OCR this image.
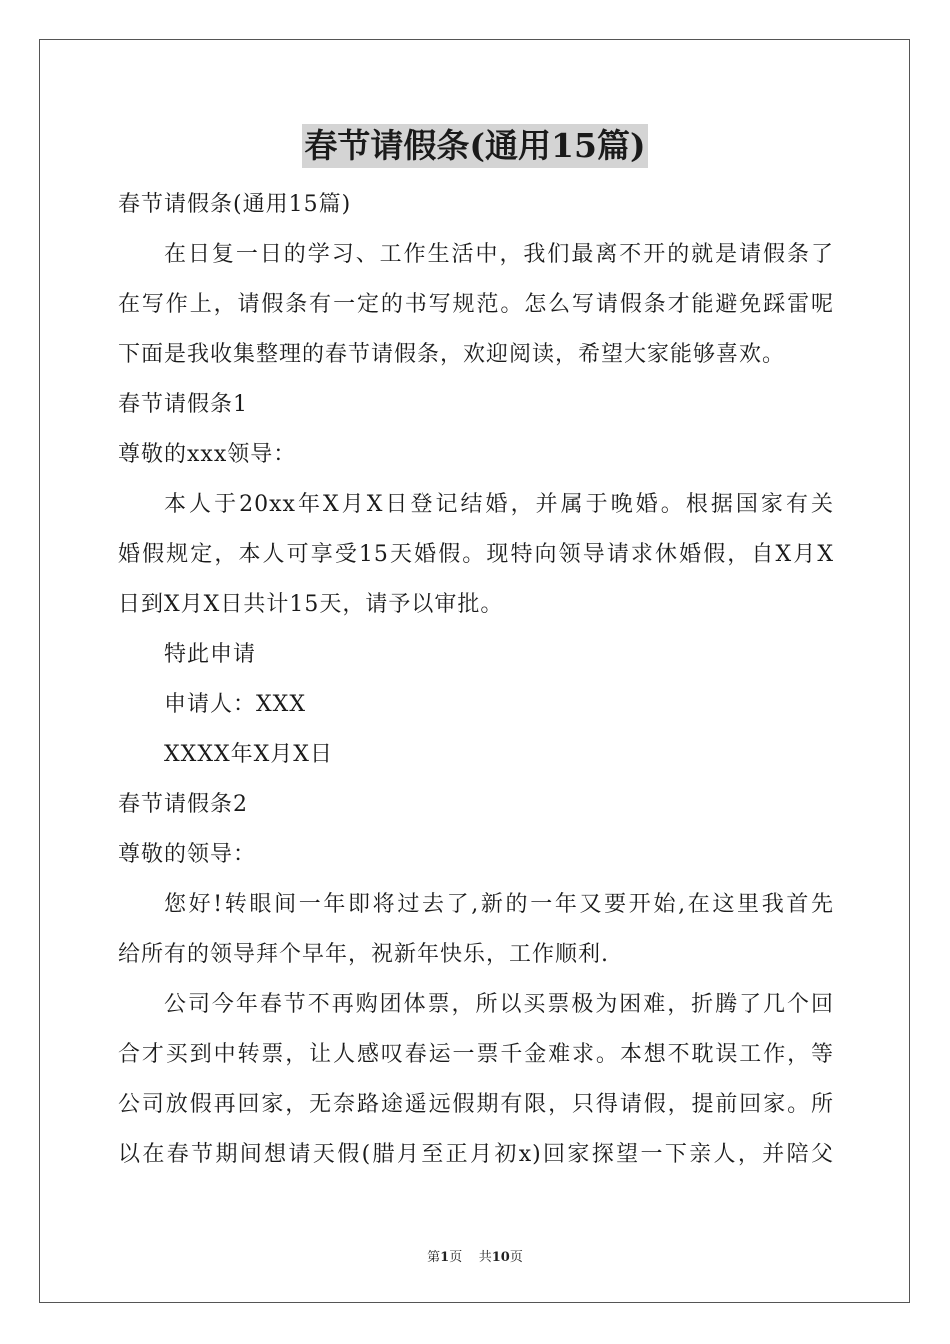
春节请假条(通用15篇)
春节请假条(通用15篇)
在日复一日的学习、工作生活中，我们最离不开的就是请假条了
在写作上，请假条有一定的书写规范。怎么写请假条才能避免踩雷呢
下面是我收集整理的春节请假条，欢迎阅读，希望大家能够喜欢。
春节请假条1
尊敬的xxx领导：
本人于20xx年X月X日登记结婚，并属于晚婚。根据国家有关
婚假规定，本人可享受15天婚假。现特向领导请求休婚假，自X月X
日到X月X日共计15天，请予以审批。
特此申请
申请人：XXX
XXXX年X月X日
春节请假条2
尊敬的领导：
您好!转眼间一年即将过去了,新的一年又要开始,在这里我首先
给所有的领导拜个早年，祝新年快乐，工作顺利.
公司今年春节不再购团体票，所以买票极为困难，折腾了几个回
合才买到中转票，让人感叹春运一票千金难求。本想不耽误工作，等
公司放假再回家，无奈路途遥远假期有限，只得请假，提前回家。所
以在春节期间想请天假(腊月至正月初x)回家探望一下亲人，并陪父
第1页 共10页
